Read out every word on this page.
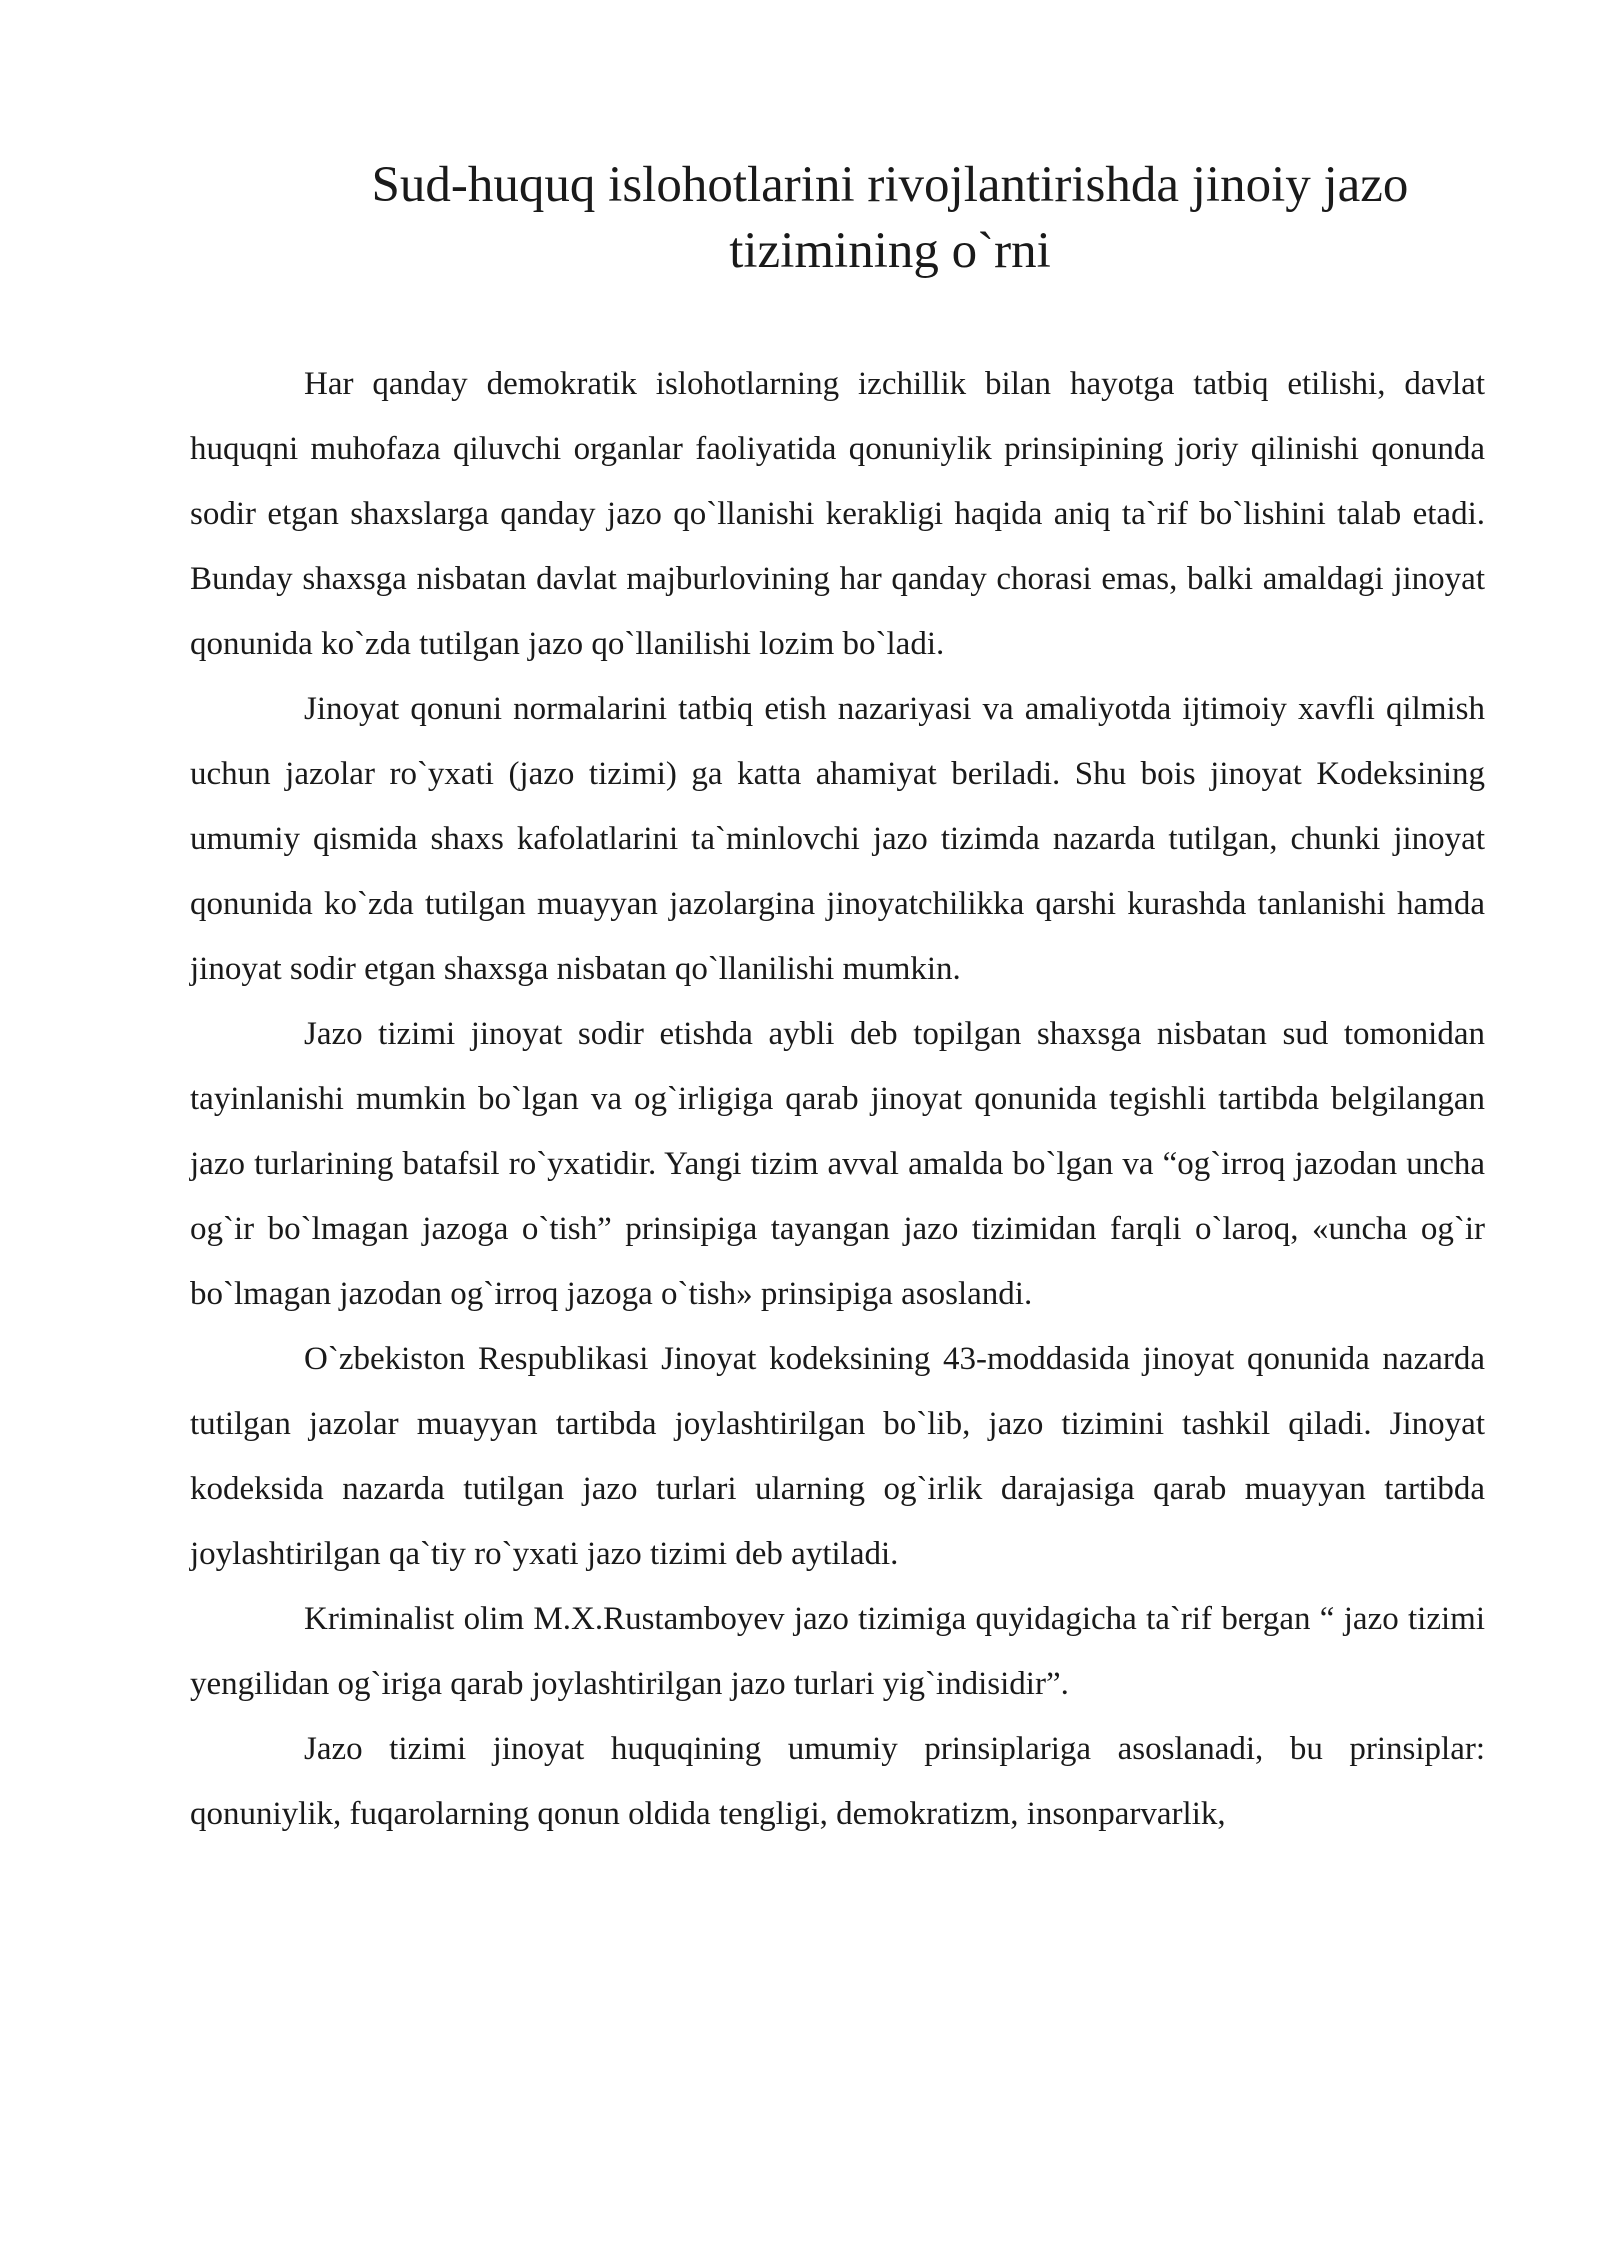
Sud-huquq islohotlarini rivojlantirishda jinoiy jazo tizimining o`rni

Har qanday demokratik islohotlarning izchillik bilan hayotga tatbiq etilishi, davlat huquqni muhofaza qiluvchi organlar faoliyatida qonuniylik prinsipining joriy qilinishi qonunda sodir etgan shaxslarga qanday jazo qo`llanishi kerakligi haqida aniq ta`rif bo`lishini talab etadi. Bunday shaxsga nisbatan davlat majburlovining har qanday chorasi emas, balki amaldagi jinoyat qonunida ko`zda tutilgan jazo qo`llanilishi lozim bo`ladi.

Jinoyat qonuni normalarini tatbiq etish nazariyasi va amaliyotda ijtimoiy xavfli qilmish uchun jazolar ro`yxati (jazo tizimi) ga katta ahamiyat beriladi. Shu bois jinoyat Kodeksining umumiy qismida shaxs kafolatlarini ta`minlovchi jazo tizimda nazarda tutilgan, chunki jinoyat qonunida ko`zda tutilgan muayyan jazolargina jinoyatchilikka qarshi kurashda tanlanishi hamda jinoyat sodir etgan shaxsga nisbatan qo`llanilishi mumkin.

Jazo tizimi jinoyat sodir etishda aybli deb topilgan shaxsga nisbatan sud tomonidan tayinlanishi mumkin bo`lgan va og`irligiga qarab jinoyat qonunida tegishli tartibda belgilangan jazo turlarining batafsil ro`yxatidir. Yangi tizim avval amalda bo`lgan va “og`irroq jazodan uncha og`ir bo`lmagan jazoga o`tish” prinsipiga tayangan jazo tizimidan farqli o`laroq, «uncha og`ir bo`lmagan jazodan og`irroq jazoga o`tish» prinsipiga asoslandi.

O`zbekiston Respublikasi Jinoyat kodeksining 43-moddasida jinoyat qonunida nazarda tutilgan jazolar muayyan tartibda joylashtirilgan bo`lib, jazo tizimini tashkil qiladi. Jinoyat kodeksida nazarda tutilgan jazo turlari ularning og`irlik darajasiga qarab muayyan tartibda joylashtirilgan qa`tiy ro`yxati jazo tizimi deb aytiladi.

Kriminalist olim M.X.Rustamboyev jazo tizimiga quyidagicha ta`rif bergan “ jazo tizimi yengilidan og`iriga qarab joylashtirilgan jazo turlari yig`indisidir”.

Jazo tizimi jinoyat huquqining umumiy prinsiplariga asoslanadi, bu prinsiplar: qonuniylik, fuqarolarning qonun oldida tengligi, demokratizm, insonparvarlik,
